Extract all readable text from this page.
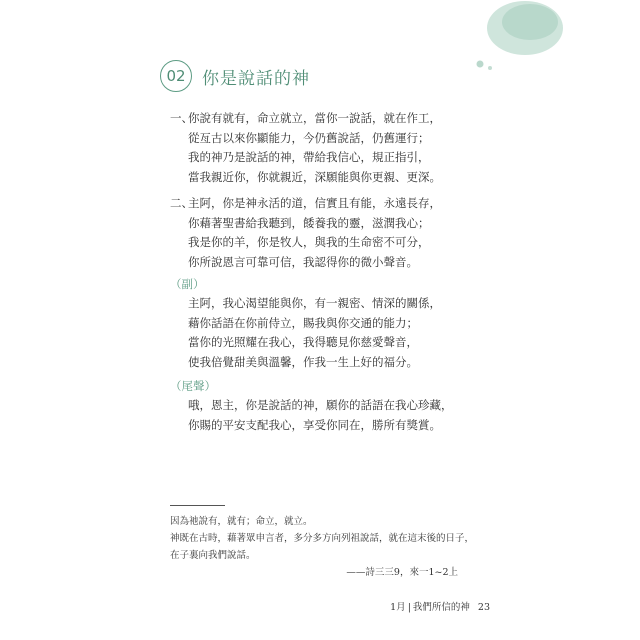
02 你是說話的神
一、你說有就有，命立就立，當你一說話，就在作工，
從亙古以來你顯能力，今仍舊說話，仍舊運行；
我的神乃是說話的神，帶給我信心，規正指引，
當我親近你，你就親近，深願能與你更親、更深。
二、主阿，你是神永活的道，信實且有能，永遠長存，
你藉著聖書給我聽到，餧養我的靈，滋潤我心；
我是你的羊，你是牧人，與我的生命密不可分，
你所說恩言可靠可信，我認得你的微小聲音。
（副）
主阿，我心渴望能與你，有一親密、情深的關係，
藉你話語在你前侍立，賜我與你交通的能力；
當你的光照耀在我心，我得聽見你慈愛聲音，
使我倍覺甜美與溫馨，作我一生上好的福分。
（尾聲）
哦，恩主，你是說話的神，願你的話語在我心珍藏，
你賜的平安支配我心，享受你同在，勝所有獎賞。
因為祂說有，就有；命立，就立。
神既在古時，藉著眾申言者，多分多方向列祖說話，就在這末後的日子，
在子裏向我們說話。
——詩三三9，來一1~2上
1月 | 我們所信的神 23
